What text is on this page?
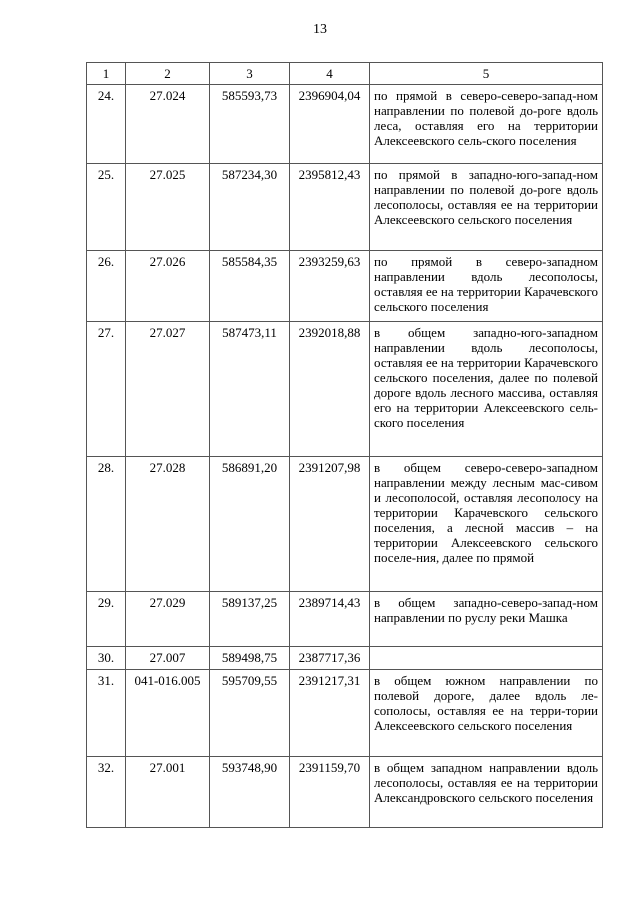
13
1	2	3	4	5
24.	27.024	585593,73	2396904,04	по прямой в северо-северо-запад-ном направлении по полевой до-роге вдоль леса, оставляя его на территории Алексеевского сель-ского поселения
25.	27.025	587234,30	2395812,43	по прямой в западно-юго-запад-ном направлении по полевой до-роге вдоль лесополосы, оставляя ее на территории Алексеевского сельского поселения
26.	27.026	585584,35	2393259,63	по прямой в северо-западном направлении вдоль лесополосы, оставляя ее на территории Карачевского сельского поселения
27.	27.027	587473,11	2392018,88	в общем западно-юго-западном направлении вдоль лесополосы, оставляя ее на территории Карачевского сельского поселения, далее по полевой дороге вдоль лесного массива, оставляя его на территории Алексеевского сель-ского поселения
28.	27.028	586891,20	2391207,98	в общем северо-северо-западном направлении между лесным мас-сивом и лесополосой, оставляя лесополосу на территории Карачевского сельского поселения, а лесной массив – на территории Алексеевского сельского поселе-ния, далее по прямой
29.	27.029	589137,25	2389714,43	в общем западно-северо-запад-ном направлении по руслу реки Машка
30.	27.007	589498,75	2387717,36	
31.	041-016.005	595709,55	2391217,31	в общем южном направлении по полевой дороге, далее вдоль ле-сополосы, оставляя ее на терри-тории Алексеевского сельского поселения
32.	27.001	593748,90	2391159,70	в общем западном направлении вдоль лесополосы, оставляя ее на территории Александровского сельского поселения
